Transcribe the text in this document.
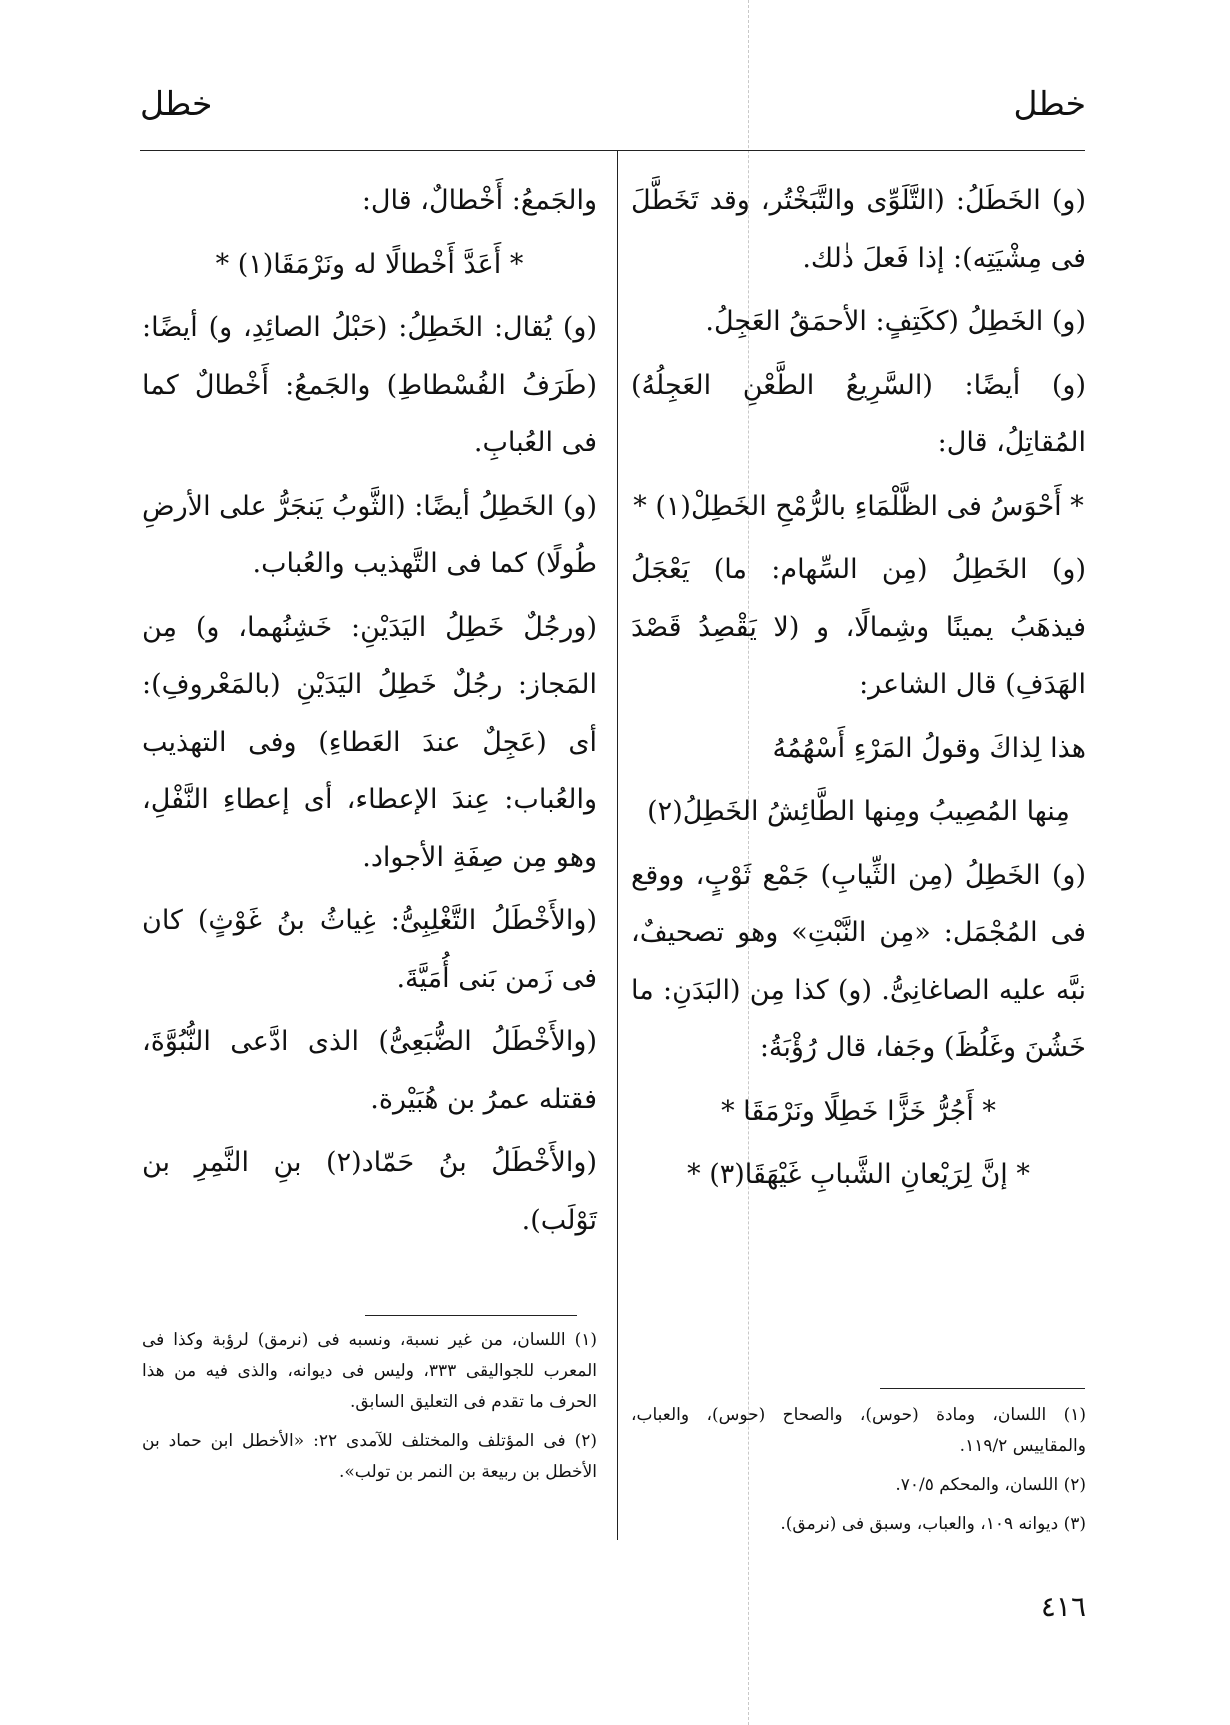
خطل
خطل

(و) الخَطَلُ: (التَّلَوِّى والتَّبَخْتُر، وقد تَخَطَّلَ فى مِشْيَتِه): إذا فَعلَ ذٰلك.

(و) الخَطِلُ (ككَتِفٍ: الأحمَقُ العَجِلُ.

(و) أيضًا: (السَّرِيعُ الطَّعْنِ العَجِلُهُ) المُقاتِلُ، قال:

* أَحْوَسُ فى الظَّلْمَاءِ بالرُّمْحِ الخَطِلْ(١) *

(و) الخَطِلُ (مِن السِّهام: ما) يَعْجَلُ فيذهَبُ يمينًا وشِمالًا، و (لا يَقْصِدُ قَصْدَ الهَدَفِ) قال الشاعر:

هذا لِذاكَ وقولُ المَرْءِ أَسْهُمُهُ

مِنها المُصِيبُ ومِنها الطَّائِشُ الخَطِلُ(٢)

(و) الخَطِلُ (مِن الثِّيابِ) جَمْع ثَوْبٍ، ووقع فى المُجْمَل: «مِن النَّبْتِ» وهو تصحيفٌ، نبَّه عليه الصاغانِىُّ. (و) كذا مِن (البَدَنِ: ما خَشُنَ وغَلُظَ) وجَفا، قال رُؤْبَةُ:

* أَجُرُّ خَزًّا خَطِلًا ونَرْمَقَا *

* إنَّ لِرَيْعانِ الشَّبابِ غَيْهَقَا(٣) *

والجَمعُ: أَخْطالٌ، قال:

* أَعَدَّ أَخْطالًا له ونَرْمَقَا(١) *

(و) يُقال: الخَطِلُ: (حَبْلُ الصائِدِ، و) أيضًا: (طَرَفُ الفُسْطاطِ) والجَمعُ: أَخْطالٌ كما فى العُبابِ.

(و) الخَطِلُ أيضًا: (الثَّوبُ يَنجَرُّ على الأرضِ طُولًا) كما فى التَّهذيب والعُباب.

(ورجُلٌ خَطِلُ اليَدَيْنِ: خَشِنُهما، و) مِن المَجاز: رجُلٌ خَطِلُ اليَدَيْنِ (بالمَعْروفِ): أى (عَجِلٌ عندَ العَطاءِ) وفى التهذيب والعُباب: عِندَ الإعطاء، أى إعطاءِ النَّفْلِ، وهو مِن صِفَةِ الأجواد.

(والأَخْطَلُ التَّغْلِبِىُّ: غِياثُ بنُ غَوْثٍ) كان فى زَمن بَنى أُمَيَّةَ.

(والأَخْطَلُ الضُّبَعِىُّ) الذى ادَّعى النُّبُوَّةَ، فقتله عمرُ بن هُبَيْرة.

(والأَخْطَلُ بنُ حَمّاد(٢) بنِ النَّمِرِ بن تَوْلَب).

(١) اللسان، ومادة (حوس)، والصحاح (حوس)، والعباب، والمقاييس ١١٩/٢.

(٢) اللسان، والمحكم ٧٠/٥.

(٣) ديوانه ١٠٩، والعباب، وسبق فى (نرمق).

(١) اللسان، من غير نسبة، ونسبه فى (نرمق) لرؤبة وكذا فى المعرب للجواليقى ٣٣٣، وليس فى ديوانه، والذى فيه من هذا الحرف ما تقدم فى التعليق السابق.

(٢) فى المؤتلف والمختلف للآمدى ٢٢: «الأخطل ابن حماد بن الأخطل بن ربيعة بن النمر بن تولب».

٤١٦
